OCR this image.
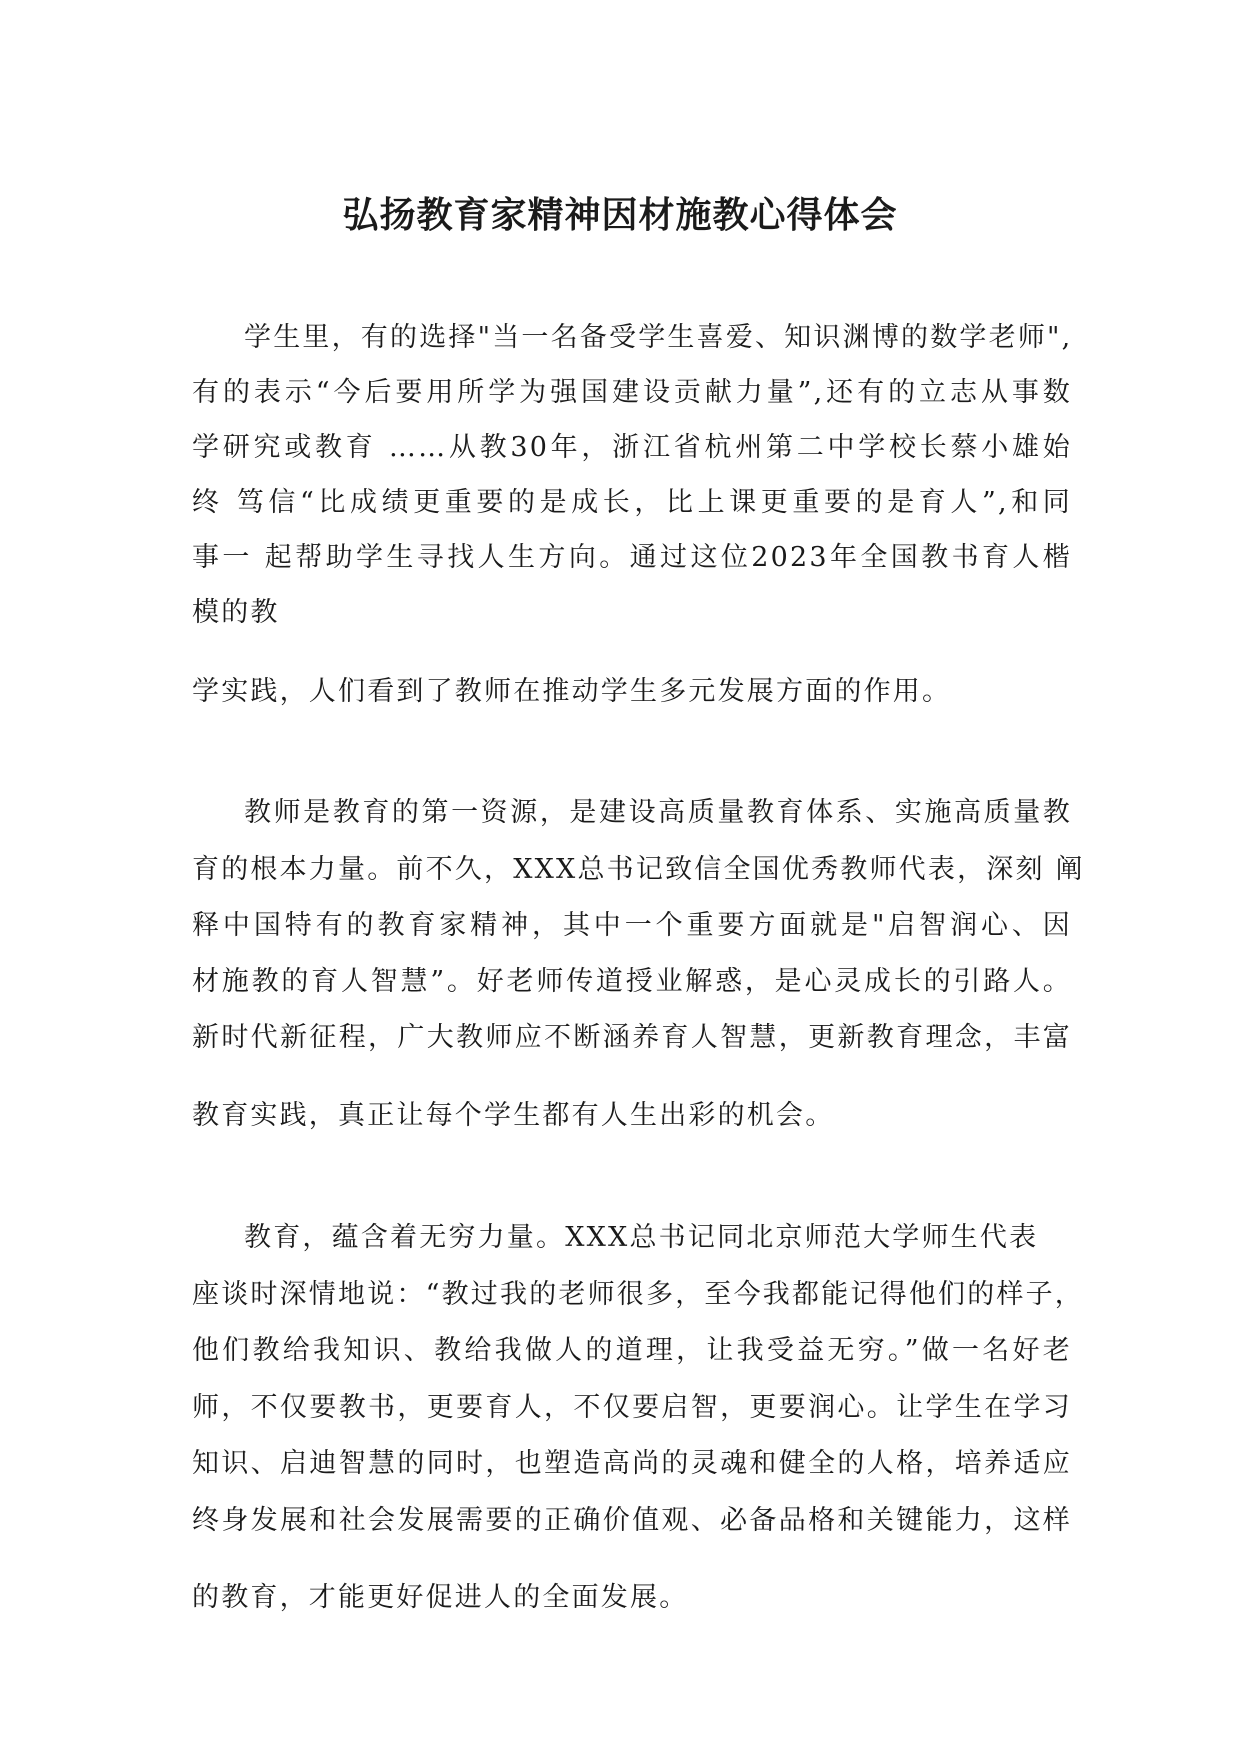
弘扬教育家精神因材施教心得体会
学生里，有的选择"当一名备受学生喜爱、知识渊博的数学老师",
有的表示“今后要用所学为强国建设贡献力量”,还有的立志从事数
学研究或教育 ……从教30年，浙江省杭州第二中学校长蔡小雄始
终 笃信“比成绩更重要的是成长，比上课更重要的是育人”,和同
事一 起帮助学生寻找人生方向。通过这位2023年全国教书育人楷
模的教
学实践，人们看到了教师在推动学生多元发展方面的作用。
教师是教育的第一资源，是建设高质量教育体系、实施高质量教
育的根本力量。前不久，XXX总书记致信全国优秀教师代表，深刻 阐
释中国特有的教育家精神，其中一个重要方面就是"启智润心、因
材施教的育人智慧”。好老师传道授业解惑，是心灵成长的引路人。
新时代新征程，广大教师应不断涵养育人智慧，更新教育理念，丰富
教育实践，真正让每个学生都有人生出彩的机会。
教育，蕴含着无穷力量。XXX总书记同北京师范大学师生代表
座谈时深情地说：“教过我的老师很多，至今我都能记得他们的样子，
他们教给我知识、教给我做人的道理，让我受益无穷。”做一名好老
师，不仅要教书，更要育人，不仅要启智，更要润心。让学生在学习
知识、启迪智慧的同时，也塑造高尚的灵魂和健全的人格，培养适应
终身发展和社会发展需要的正确价值观、必备品格和关键能力，这样
的教育，才能更好促进人的全面发展。
